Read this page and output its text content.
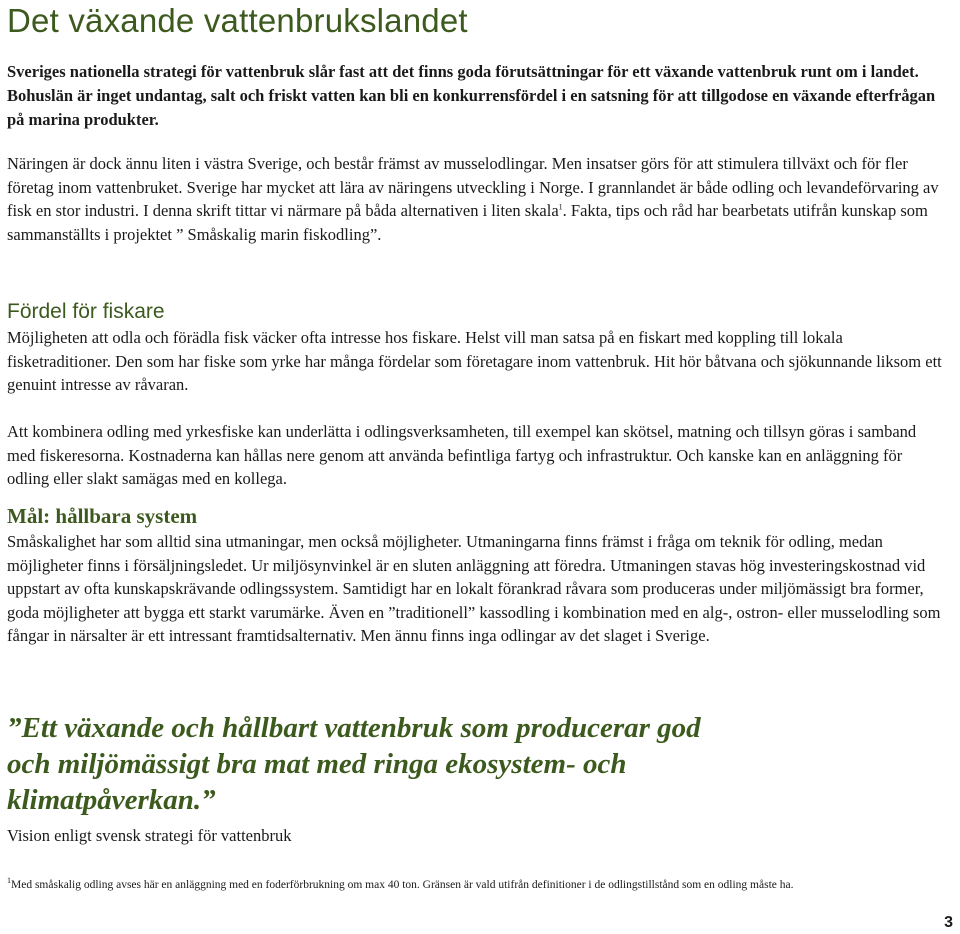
Det växande vattenbrukslandet

Sveriges nationella strategi för vattenbruk slår fast att det finns goda förutsättningar för ett växande vattenbruk runt om i landet. Bohuslän är inget undantag, salt och friskt vatten kan bli en konkurrensfördel i en satsning för att tillgodose en växande efterfrågan på marina produkter.

Näringen är dock ännu liten i västra Sverige, och består främst av musselodlingar. Men insatser görs för att stimulera tillväxt och för fler företag inom vattenbruket. Sverige har mycket att lära av näringens utveckling i Norge. I grannlandet är både odling och levandeförvaring av fisk en stor industri. I denna skrift tittar vi närmare på båda alternativen i liten skala$^1$. Fakta, tips och råd har bearbetats utifrån kunskap som sammanställts i projektet ” Småskalig marin fiskodling”.

Fördel för fiskare

Möjligheten att odla och förädla fisk väcker ofta intresse hos fiskare. Helst vill man satsa på en fiskart med koppling till lokala fisketraditioner. Den som har fiske som yrke har många fördelar som företagare inom vattenbruk. Hit hör båtvana och sjökunnande liksom ett genuint intresse av råvaran.

Att kombinera odling med yrkesfiske kan underlätta i odlingsverksamheten, till exempel kan skötsel, matning och tillsyn göras i samband med fiskeresorna. Kostnaderna kan hållas nere genom att använda befintliga fartyg och infrastruktur. Och kanske kan en anläggning för odling eller slakt samägas med en kollega.

Mål: hållbara system

Småskalighet har som alltid sina utmaningar, men också möjligheter. Utmaningarna finns främst i fråga om teknik för odling, medan möjligheter finns i försäljningsledet. Ur miljösynvinkel är en sluten anläggning att föredra. Utmaningen stavas hög investeringskostnad vid uppstart av ofta kunskapskrävande odlingssystem. Samtidigt har en lokalt förankrad råvara som produceras under miljömässigt bra former, goda möjligheter att bygga ett starkt varumärke. Även en ”traditionell” kassodling i kombination med en alg-, ostron- eller musselodling som fångar in närsalter är ett intressant framtidsalternativ. Men ännu finns inga odlingar av det slaget i Sverige.

”Ett växande och hållbart vattenbruk som producerar god och miljömässigt bra mat med ringa ekosystem- och klimatpåverkan.”

Vision enligt svensk strategi för vattenbruk

$^1$Med småskalig odling avses här en anläggning med en foderförbrukning om max 40 ton. Gränsen är vald utifrån definitioner i de odlingstillstånd som en odling måste ha.

3
